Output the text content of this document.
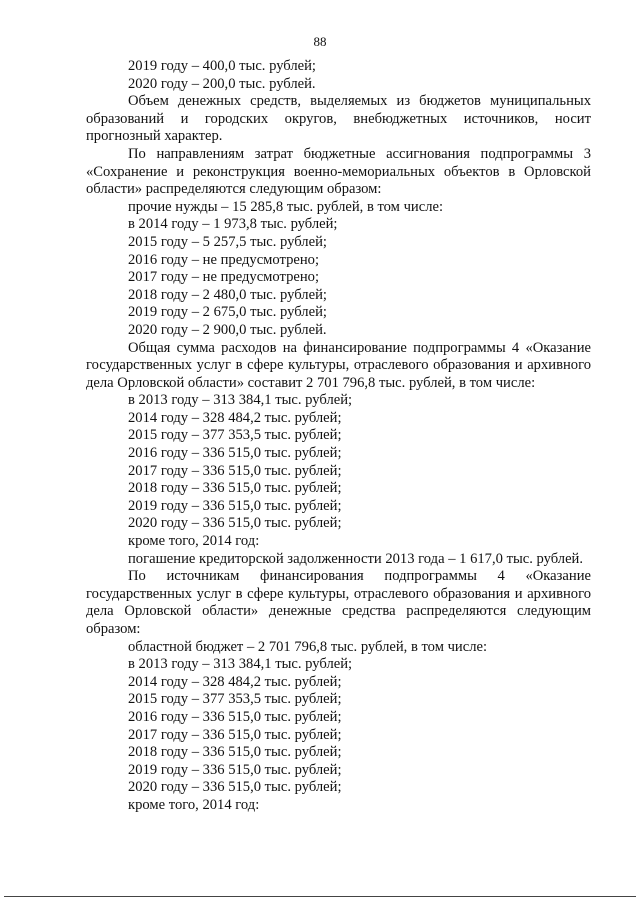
88
2019 году – 400,0 тыс. рублей;
2020 году – 200,0 тыс. рублей.
Объем денежных средств, выделяемых из бюджетов муниципальных образований и городских округов, внебюджетных источников, носит прогнозный характер.
По направлениям затрат бюджетные ассигнования подпрограммы 3 «Сохранение и реконструкция военно-мемориальных объектов в Орловской области» распределяются следующим образом:
прочие нужды – 15 285,8 тыс. рублей, в том числе:
в 2014 году – 1 973,8 тыс. рублей;
2015 году – 5 257,5 тыс. рублей;
2016 году – не предусмотрено;
2017 году – не предусмотрено;
2018 году – 2 480,0 тыс. рублей;
2019 году – 2 675,0 тыс. рублей;
2020 году – 2 900,0 тыс. рублей.
Общая сумма расходов на финансирование подпрограммы 4 «Оказание государственных услуг в сфере культуры, отраслевого образования и архивного дела Орловской области» составит 2 701 796,8 тыс. рублей, в том числе:
в 2013 году – 313 384,1 тыс. рублей;
2014 году – 328 484,2 тыс. рублей;
2015 году – 377 353,5 тыс. рублей;
2016 году – 336 515,0 тыс. рублей;
2017 году – 336 515,0 тыс. рублей;
2018 году – 336 515,0 тыс. рублей;
2019 году – 336 515,0 тыс. рублей;
2020 году – 336 515,0 тыс. рублей;
кроме того, 2014 год:
погашение кредиторской задолженности 2013 года – 1 617,0 тыс. рублей.
По источникам финансирования подпрограммы 4 «Оказание государственных услуг в сфере культуры, отраслевого образования и архивного дела Орловской области» денежные средства распределяются следующим образом:
областной бюджет – 2 701 796,8 тыс. рублей, в том числе:
в 2013 году – 313 384,1 тыс. рублей;
2014 году – 328 484,2 тыс. рублей;
2015 году – 377 353,5 тыс. рублей;
2016 году – 336 515,0 тыс. рублей;
2017 году – 336 515,0 тыс. рублей;
2018 году – 336 515,0 тыс. рублей;
2019 году – 336 515,0 тыс. рублей;
2020 году – 336 515,0 тыс. рублей;
кроме того, 2014 год:
